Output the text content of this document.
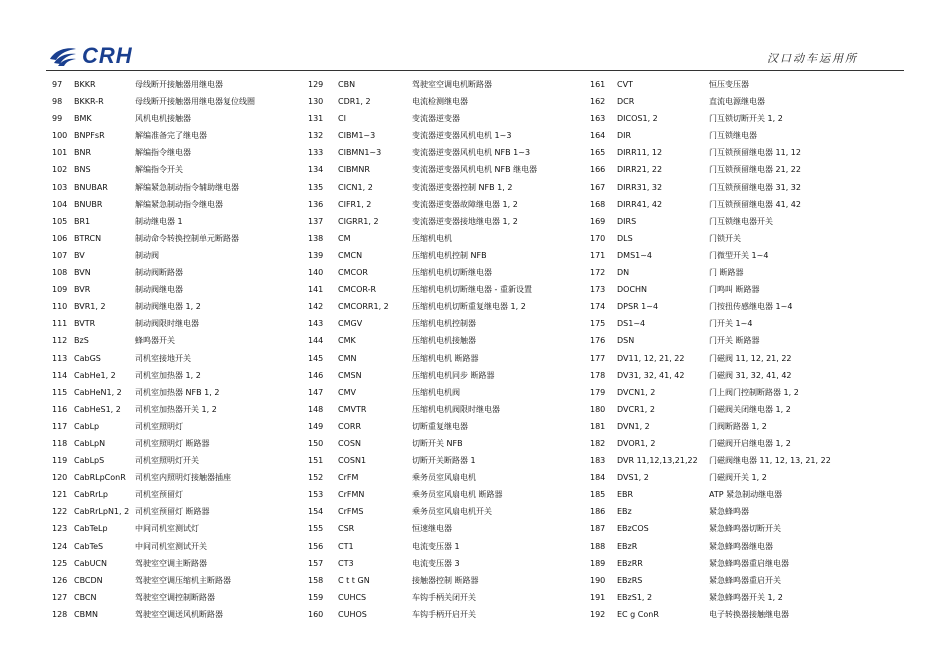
CRH	汉口动车运用所
97	BKKR	母线断开接触器用继电器
98	BKKR-R	母线断开接触器用继电器复位线圈
99	BMK	风机电机接触器
100 BNPFsR	解编准备完了继电器
101 BNR	解编指令继电器
102 BNS	解编指令开关
103 BNUBAR	解编紧急制动指令辅助继电器
104 BNUBR	解编紧急制动指令继电器
105 BR1	制动继电器 1
106 BTRCN	制动命令转换控制单元断路器
107 BV	制动阀
108 BVN	制动阀断路器
109 BVR	制动阀继电器
110 BVR1, 2	制动阀继电器 1, 2
111 BVTR	制动阀限时继电器
112 BzS	蜂鸣器开关
113 CabGS	司机室接地开关
114 CabHe1, 2	司机室加热器 1, 2
115 CabHeN1, 2	司机室加热器 NFB 1, 2
116 CabHeS1, 2	司机室加热器开关 1, 2
117 CabLp	司机室照明灯
118 CabLpN	司机室照明灯 断路器
119 CabLpS	司机室照明灯开关
120 CabRLpConR	司机室内照明灯接触器插座
121 CabRrLp	司机室预留灯
122 CabRrLpN1, 2 司机室预留灯 断路器
123 CabTeLp	中间司机室测试灯
124 CabTeS	中间司机室测试开关
125 CabUCN	驾驶室空调主断路器
126 CBCDN	驾驶室空调压缩机主断路器
127 CBCN	驾驶室空调控制断路器
128 CBMN	驾驶室空调送风机断路器
129	CBN	驾驶室空调电机断路器
130	CDR1, 2	电流检测继电器
131	CI	变流器逆变器
132	CIBM1~3	变流器逆变器风机电机 1~3
133	CIBMN1~3	变流器逆变器风机电机 NFB 1~3
134	CIBMNR	变流器逆变器风机电机 NFB 继电器
135	CICN1, 2	变流器逆变器控制 NFB 1, 2
136	CIFR1, 2	变流器逆变器故障继电器 1, 2
137	CIGRR1, 2	变流器逆变器接地继电器 1, 2
138	CM	压缩机电机
139	CMCN	压缩机电机控制 NFB
140	CMCOR	压缩机电机切断继电器
141	CMCOR-R	压缩机电机切断继电器 - 重新设置
142	CMCORR1, 2	压缩机电机切断重复继电器 1, 2
143	CMGV	压缩机电机控制器
144	CMK	压缩机电机接触器
145	CMN	压缩机电机 断路器
146	CMSN	压缩机电机同步 断路器
147	CMV	压缩机电机阀
148	CMVTR	压缩机电机阀限时继电器
149	CORR	切断重复继电器
150	COSN	切断开关 NFB
151	COSN1	切断开关断路器 1
152	CrFM	乘务员室风扇电机
153	CrFMN	乘务员室风扇电机 断路器
154	CrFMS	乘务员室风扇电机开关
155	CSR	恒速继电器
156	CT1	电流变压器 1
157	CT3	电流变压器 3
158	C t t GN	接触器控制 断路器
159	CUHCS	车钩手柄关闭开关
160	CUHOS	车钩手柄开启开关
161	CVT	恒压变压器
162	DCR	直流电源继电器
163	DICOS1, 2	门互锁切断开关 1, 2
164	DIR	门互锁继电器
165	DIRR11, 12	门互锁预留继电器 11, 12
166	DIRR21, 22	门互锁预留继电器 21, 22
167	DIRR31, 32	门互锁预留继电器 31, 32
168	DIRR41, 42	门互锁预留继电器 41, 42
169	DIRS	门互锁继电器开关
170	DLS	门锁开关
171	DMS1~4	门微型开关 1~4
172	DN	门 断路器
173	DOCHN	门鸣叫 断路器
174	DPSR 1~4	门按扭传感继电器 1~4
175	DS1~4	门开关 1~4
176	DSN	门开关 断路器
177	DV11, 12, 21, 22	门磁阀 11, 12, 21, 22
178	DV31, 32, 41, 42	门磁阀 31, 32, 41, 42
179	DVCN1, 2	门上阀门控制断路器 1, 2
180	DVCR1, 2	门磁阀关闭继电器 1, 2
181	DVN1, 2	门阀断路器 1, 2
182	DVOR1, 2	门磁阀开启继电器 1, 2
183	DVR 11,12,13,21,22	门磁阀继电器 11, 12, 13, 21, 22
184	DVS1, 2	门磁阀开关 1, 2
185	EBR	ATP 紧急制动继电器
186	EBz	紧急蜂鸣器
187	EBzCOS	紧急蜂鸣器切断开关
188	EBzR	紧急蜂鸣器继电器
189	EBzRR	紧急蜂鸣器重启继电器
190	EBzRS	紧急蜂鸣器重启开关
191	EBzS1, 2	紧急蜂鸣器开关 1, 2
192	EC g ConR	电子转换器接触继电器
